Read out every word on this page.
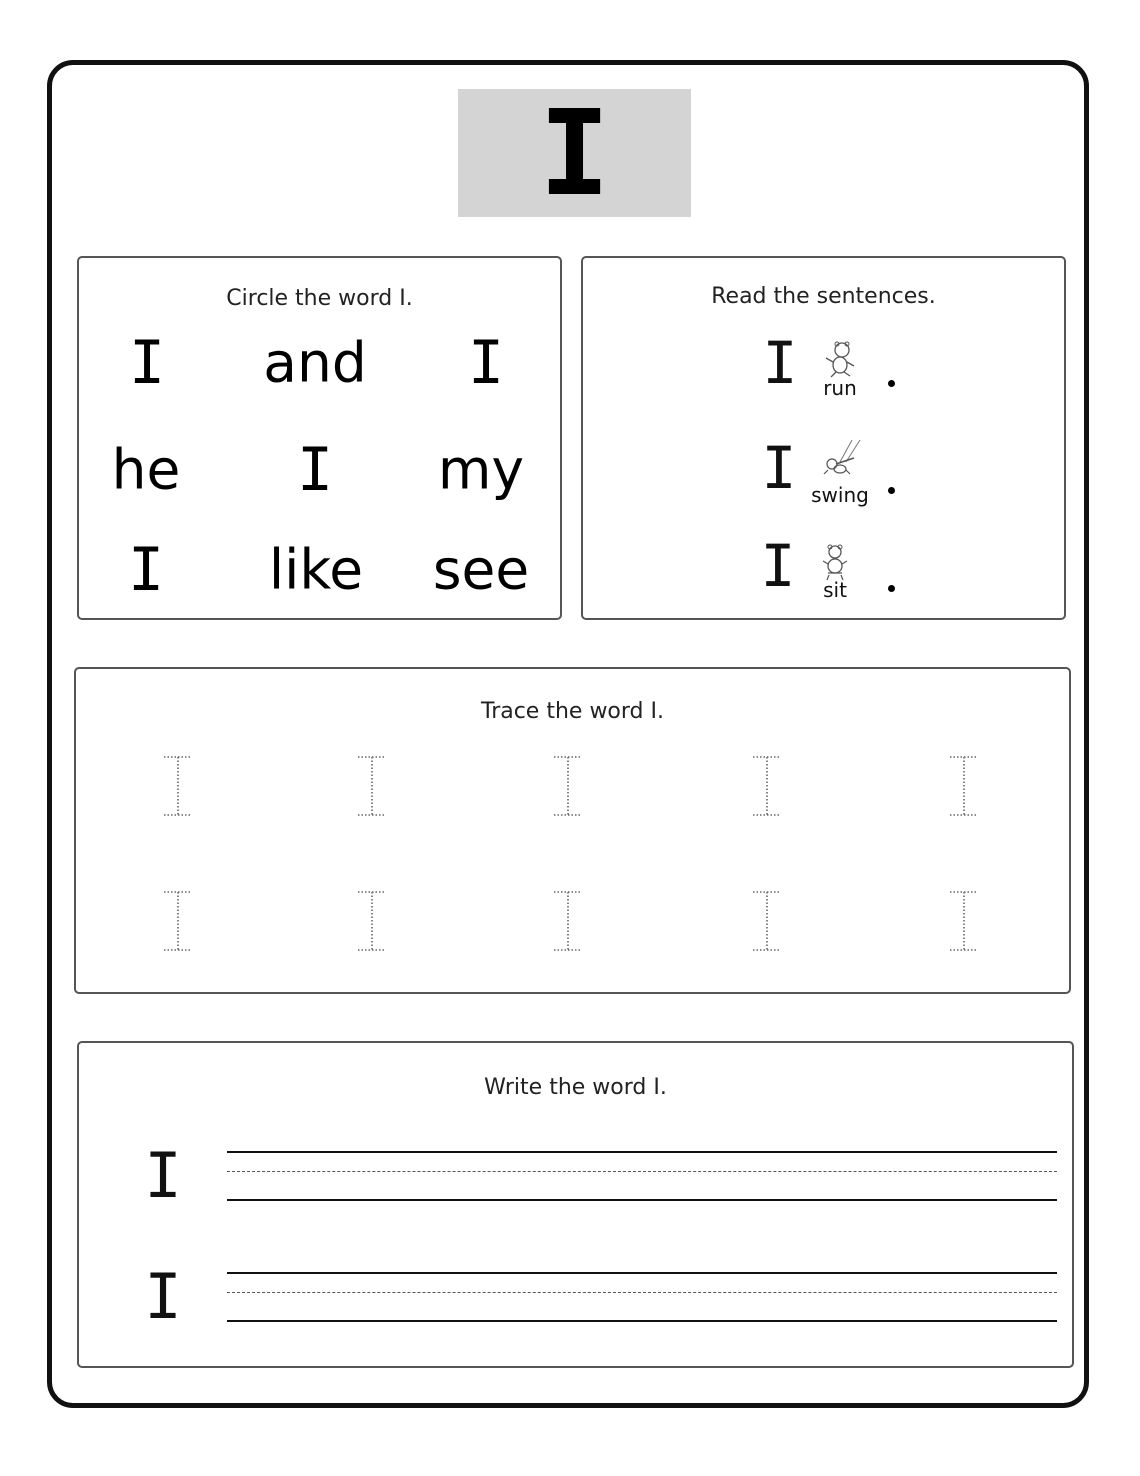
I
Circle the word I.
I and I
he I my
I like see
Read the sentences.
I run
I swing
I sit
Trace the word I.
Write the word I.
I
I
